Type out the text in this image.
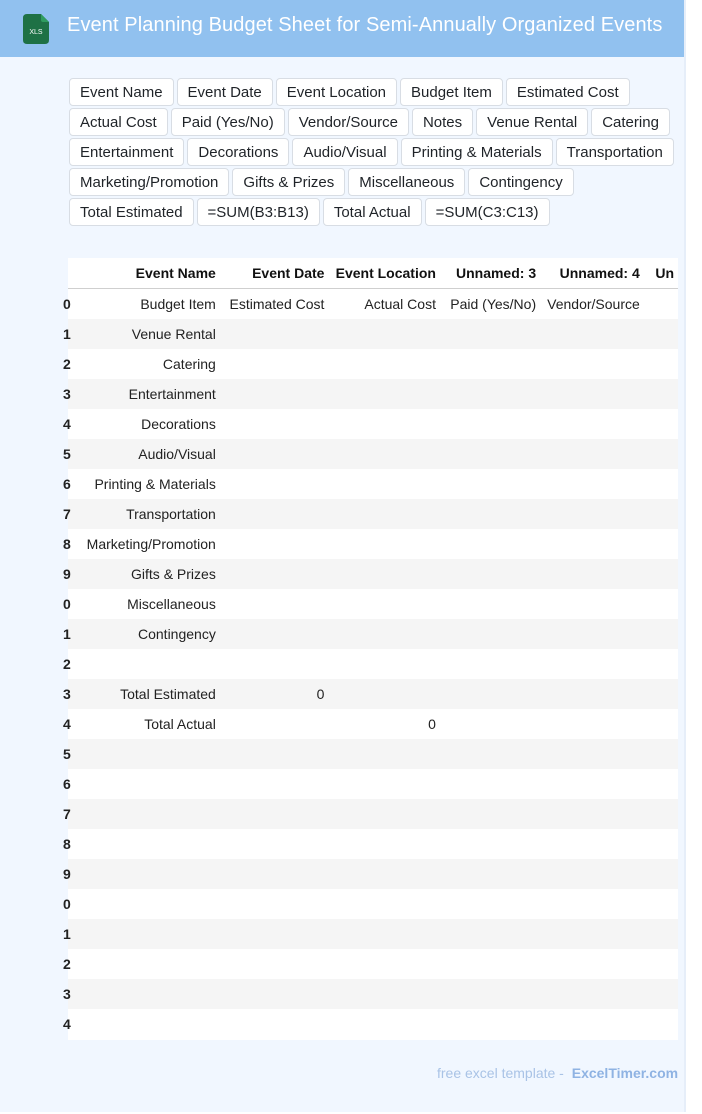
XLS Event Planning Budget Sheet for Semi-Annually Organized Events
Event Name	Event Date	Event Location	Budget Item	Estimated Cost
Actual Cost	Paid (Yes/No)	Vendor/Source	Notes	Venue Rental	Catering
Entertainment	Decorations	Audio/Visual	Printing & Materials	Transportation
Marketing/Promotion	Gifts & Prizes	Miscellaneous	Contingency
Total Estimated	=SUM(B3:B13)	Total Actual	=SUM(C3:C13)
	Event Name	Event Date	Event Location	Unnamed: 3	Unnamed: 4	Un
0	Budget Item	Estimated Cost	Actual Cost	Paid (Yes/No)	Vendor/Source	
1	Venue Rental					
2	Catering					
3	Entertainment					
4	Decorations					
5	Audio/Visual					
6	Printing & Materials					
7	Transportation					
8	Marketing/Promotion					
9	Gifts & Prizes					
0	Miscellaneous					
1	Contingency					
2						
3	Total Estimated	0				
4	Total Actual		0			
5						
6						
7						
8						
9						
0						
1						
2						
3						
4						
free excel template - ExcelTimer.com
